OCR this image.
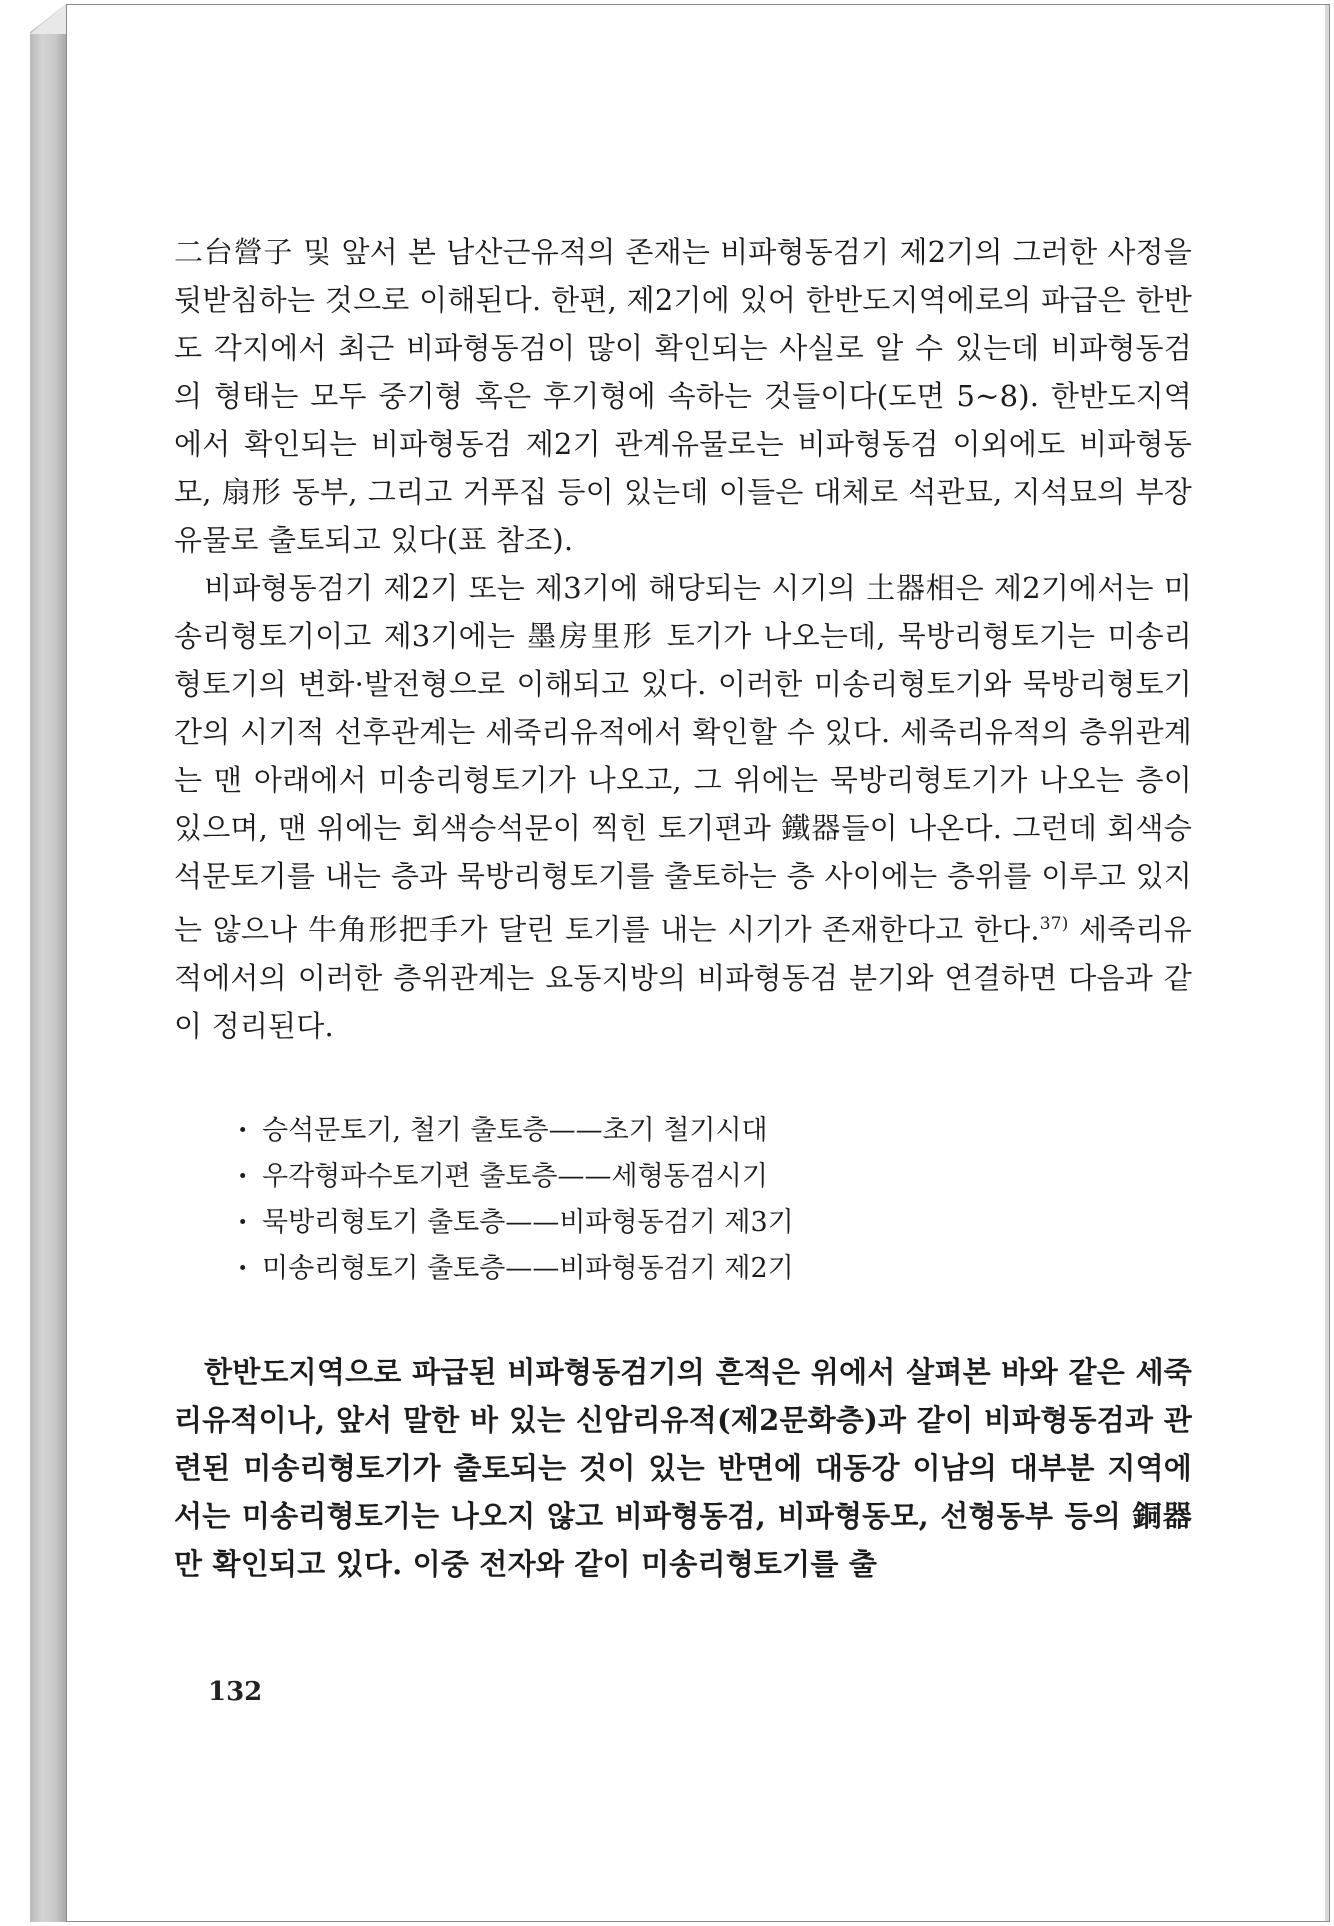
二台營子 및 앞서 본 남산근유적의 존재는 비파형동검기 제2기의 그러한 사정을 뒷받침하는 것으로 이해된다. 한편, 제2기에 있어 한반도지역에로의 파급은 한반도 각지에서 최근 비파형동검이 많이 확인되는 사실로 알 수 있는데 비파형동검의 형태는 모두 중기형 혹은 후기형에 속하는 것들이다(도면 5~8). 한반도지역에서 확인되는 비파형동검 제2기 관계유물로는 비파형동검 이외에도 비파형동모, 扇形 동부, 그리고 거푸집 등이 있는데 이들은 대체로 석관묘, 지석묘의 부장유물로 출토되고 있다(표 참조).

비파형동검기 제2기 또는 제3기에 해당되는 시기의 土器相은 제2기에서는 미송리형토기이고 제3기에는 墨房里形 토기가 나오는데, 묵방리형토기는 미송리형토기의 변화·발전형으로 이해되고 있다. 이러한 미송리형토기와 묵방리형토기 간의 시기적 선후관계는 세죽리유적에서 확인할 수 있다. 세죽리유적의 층위관계는 맨 아래에서 미송리형토기가 나오고, 그 위에는 묵방리형토기가 나오는 층이 있으며, 맨 위에는 회색승석문이 찍힌 토기편과 鐵器들이 나온다. 그런데 회색승석문토기를 내는 층과 묵방리형토기를 출토하는 층 사이에는 층위를 이루고 있지는 않으나 牛角形把手가 달린 토기를 내는 시기가 존재한다고 한다.$^{37)}$ 세죽리유적에서의 이러한 층위관계는 요동지방의 비파형동검 분기와 연결하면 다음과 같이 정리된다.

· 승석문토기, 철기 출토층——초기 철기시대
· 우각형파수토기편 출토층——세형동검시기
· 묵방리형토기 출토층——비파형동검기 제3기
· 미송리형토기 출토층——비파형동검기 제2기

한반도지역으로 파급된 비파형동검기의 흔적은 위에서 살펴본 바와 같은 세죽리유적이나, 앞서 말한 바 있는 신암리유적(제2문화층)과 같이 비파형동검과 관련된 미송리형토기가 출토되는 것이 있는 반면에 대동강 이남의 대부분 지역에서는 미송리형토기는 나오지 않고 비파형동검, 비파형동모, 선형동부 등의 銅器만 확인되고 있다. 이중 전자와 같이 미송리형토기를 출

132
